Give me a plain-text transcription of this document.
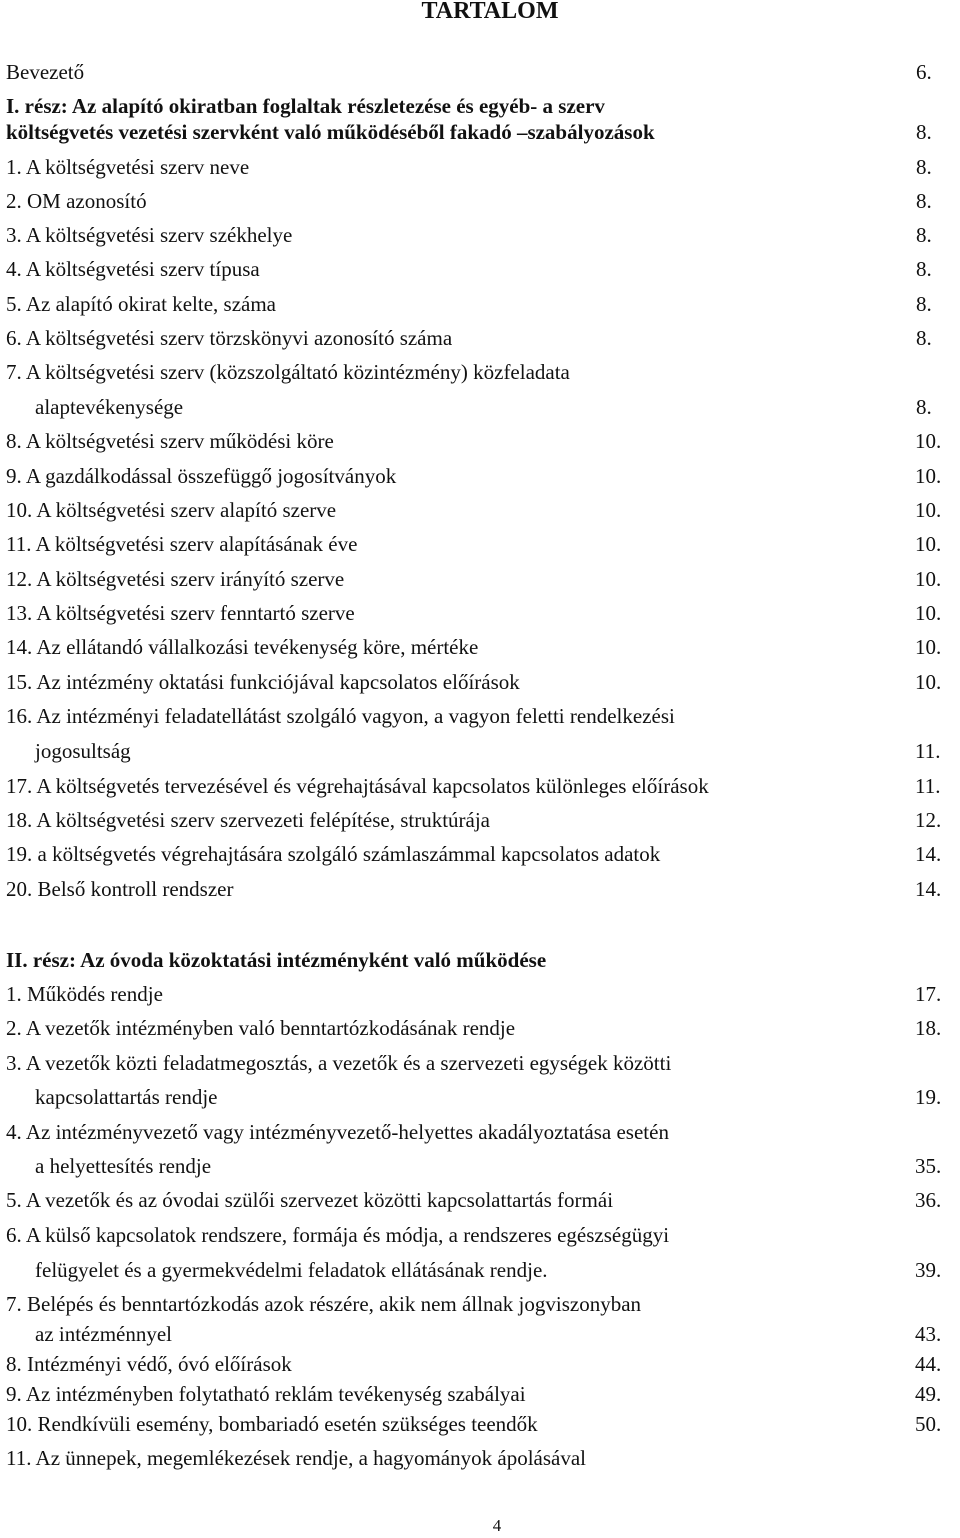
TARTALOM
Bevezető	6.
I. rész: Az alapító okiratban foglaltak részletezése és egyéb- a szerv
költségvetés vezetési szervként való működéséből fakadó –szabályozások	8.
1. A költségvetési szerv neve	8.
2. OM azonosító	8.
3. A költségvetési szerv székhelye	8.
4. A költségvetési szerv típusa	8.
5. Az alapító okirat kelte, száma	8.
6. A költségvetési szerv törzskönyvi azonosító száma	8.
7. A költségvetési szerv (közszolgáltató közintézmény) közfeladata
alaptevékenysége	8.
8. A költségvetési szerv működési köre	10.
9. A gazdálkodással összefüggő jogosítványok	10.
10. A költségvetési szerv alapító szerve	10.
11. A költségvetési szerv alapításának éve	10.
12. A költségvetési szerv irányító szerve	10.
13. A költségvetési szerv fenntartó szerve	10.
14. Az ellátandó vállalkozási tevékenység köre, mértéke	10.
15. Az intézmény oktatási funkciójával kapcsolatos előírások	10.
16. Az intézményi feladatellátást szolgáló vagyon, a vagyon feletti rendelkezési
jogosultság	11.
17. A költségvetés tervezésével és végrehajtásával kapcsolatos különleges előírások	11.
18. A költségvetési szerv szervezeti felépítése, struktúrája	12.
19. a költségvetés végrehajtására szolgáló számlaszámmal kapcsolatos adatok	14.
20. Belső kontroll rendszer	14.
II. rész: Az óvoda közoktatási intézményként való működése
1. Működés rendje	17.
2. A vezetők intézményben való benntartózkodásának rendje	18.
3. A vezetők közti feladatmegosztás, a vezetők és a szervezeti egységek közötti
kapcsolattartás rendje	19.
4. Az intézményvezető vagy intézményvezető-helyettes akadályoztatása esetén
a helyettesítés rendje	35.
5. A vezetők és az óvodai szülői szervezet közötti kapcsolattartás formái	36.
6. A külső kapcsolatok rendszere, formája és módja, a rendszeres egészségügyi
felügyelet és a gyermekvédelmi feladatok ellátásának rendje.	39.
7. Belépés és benntartózkodás azok részére, akik nem állnak jogviszonyban
az intézménnyel	43.
8. Intézményi védő, óvó előírások	44.
9. Az intézményben folytatható reklám tevékenység szabályai	49.
10. Rendkívüli esemény, bombariadó esetén szükséges teendők	50.
11. Az ünnepek, megemlékezések rendje, a hagyományok ápolásával
4
